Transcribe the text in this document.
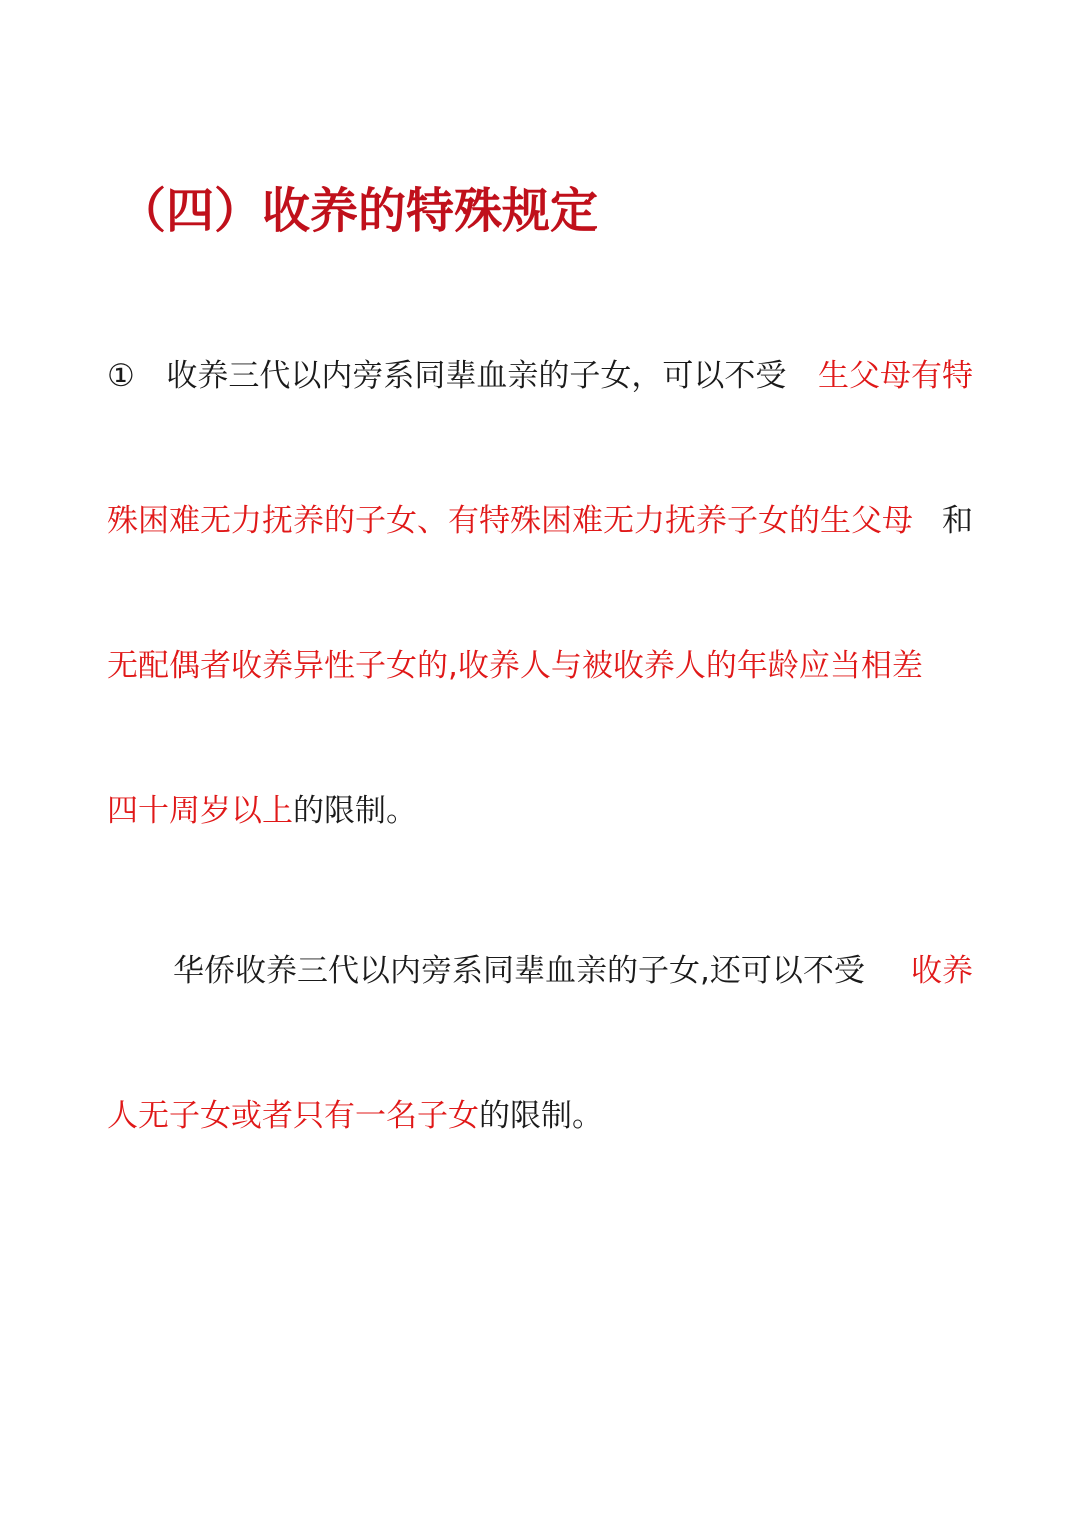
（四）收养的特殊规定
① 收养三代以内旁系同辈血亲的子女，可以不受 生父母有特
殊困难无力抚养的子女、有特殊困难无力抚养子女的生父母 和
无配偶者收养异性子女的,收养人与被收养人的年龄应当相差
四十周岁以上 的限制。
华侨收养三代以内旁系同辈血亲的子女,还可以不受 收养
人无子女或者只有一名子女 的限制。
